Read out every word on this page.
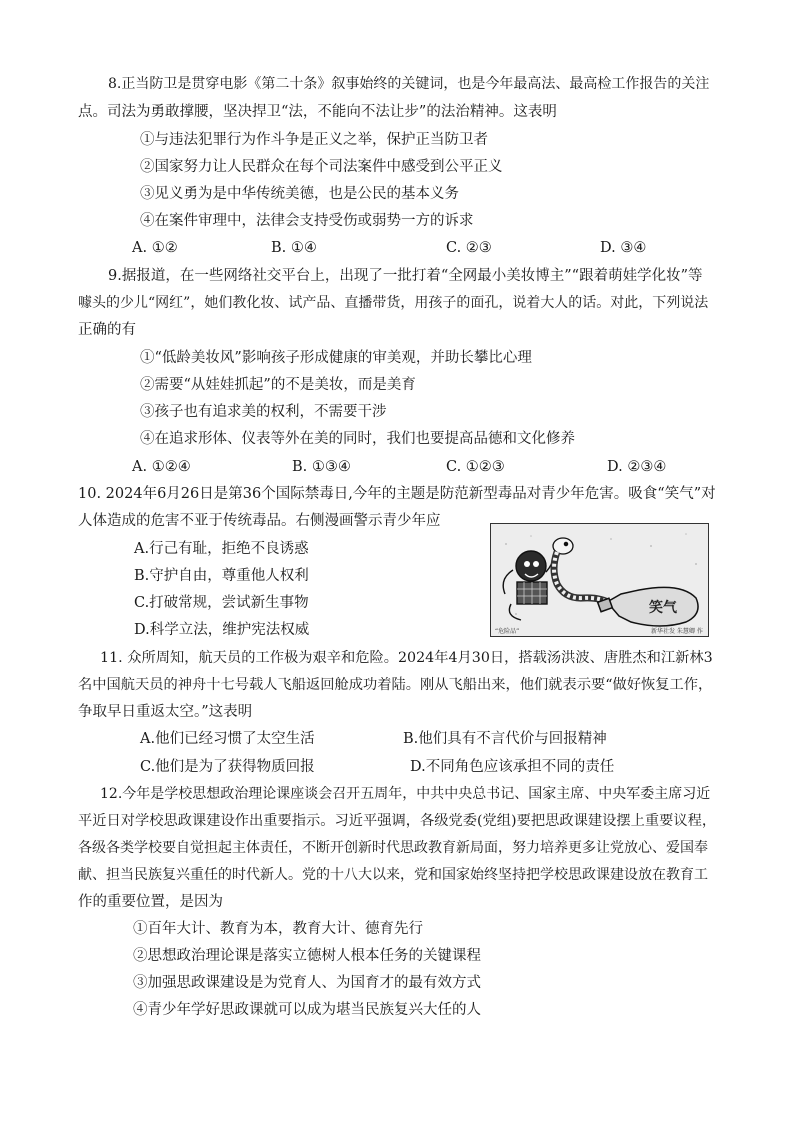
8.正当防卫是贯穿电影《第二十条》叙事始终的关键词，也是今年最高法、最高检工作报告的关注
点。司法为勇敢撑腰，坚决捍卫“法，不能向不法让步”的法治精神。这表明
①与违法犯罪行为作斗争是正义之举，保护正当防卫者
②国家努力让人民群众在每个司法案件中感受到公平正义
③见义勇为是中华传统美德，也是公民的基本义务
④在案件审理中，法律会支持受伤或弱势一方的诉求
A. ①②	B. ①④	C. ②③	D. ③④
9.据报道，在一些网络社交平台上，出现了一批打着“全网最小美妆博主”“跟着萌娃学化妆”等
噱头的少儿“网红”，她们教化妆、试产品、直播带货，用孩子的面孔，说着大人的话。对此，下列说法
正确的有
①“低龄美妆风”影响孩子形成健康的审美观，并助长攀比心理
②需要“从娃娃抓起”的不是美妆，而是美育
③孩子也有追求美的权利，不需要干涉
④在追求形体、仪表等外在美的同时，我们也要提高品德和文化修养
A. ①②④	B. ①③④	C. ①②③	D. ②③④
10. 2024年6月26日是第36个国际禁毒日,今年的主题是防范新型毒品对青少年危害。吸食“笑气”对
人体造成的危害不亚于传统毒品。右侧漫画警示青少年应
A.行己有耻，拒绝不良诱惑
B.守护自由，尊重他人权利
C.打破常规，尝试新生事物
D.科学立法，维护宪法权威
笑气
“危险品”	新华社发 朱慧卿 作
11. 众所周知，航天员的工作极为艰辛和危险。2024年4月30日，搭载汤洪波、唐胜杰和江新林3
名中国航天员的神舟十七号载人飞船返回舱成功着陆。刚从飞船出来，他们就表示要“做好恢复工作，
争取早日重返太空。”这表明
A.他们已经习惯了太空生活	B.他们具有不言代价与回报精神
C.他们是为了获得物质回报	D.不同角色应该承担不同的责任
12.今年是学校思想政治理论课座谈会召开五周年，中共中央总书记、国家主席、中央军委主席习近
平近日对学校思政课建设作出重要指示。习近平强调，各级党委(党组)要把思政课建设摆上重要议程，
各级各类学校要自觉担起主体责任，不断开创新时代思政教育新局面，努力培养更多让党放心、爱国奉
献、担当民族复兴重任的时代新人。党的十八大以来，党和国家始终坚持把学校思政课建设放在教育工
作的重要位置，是因为
①百年大计、教育为本，教育大计、德育先行
②思想政治理论课是落实立德树人根本任务的关键课程
③加强思政课建设是为党育人、为国育才的最有效方式
④青少年学好思政课就可以成为堪当民族复兴大任的人
